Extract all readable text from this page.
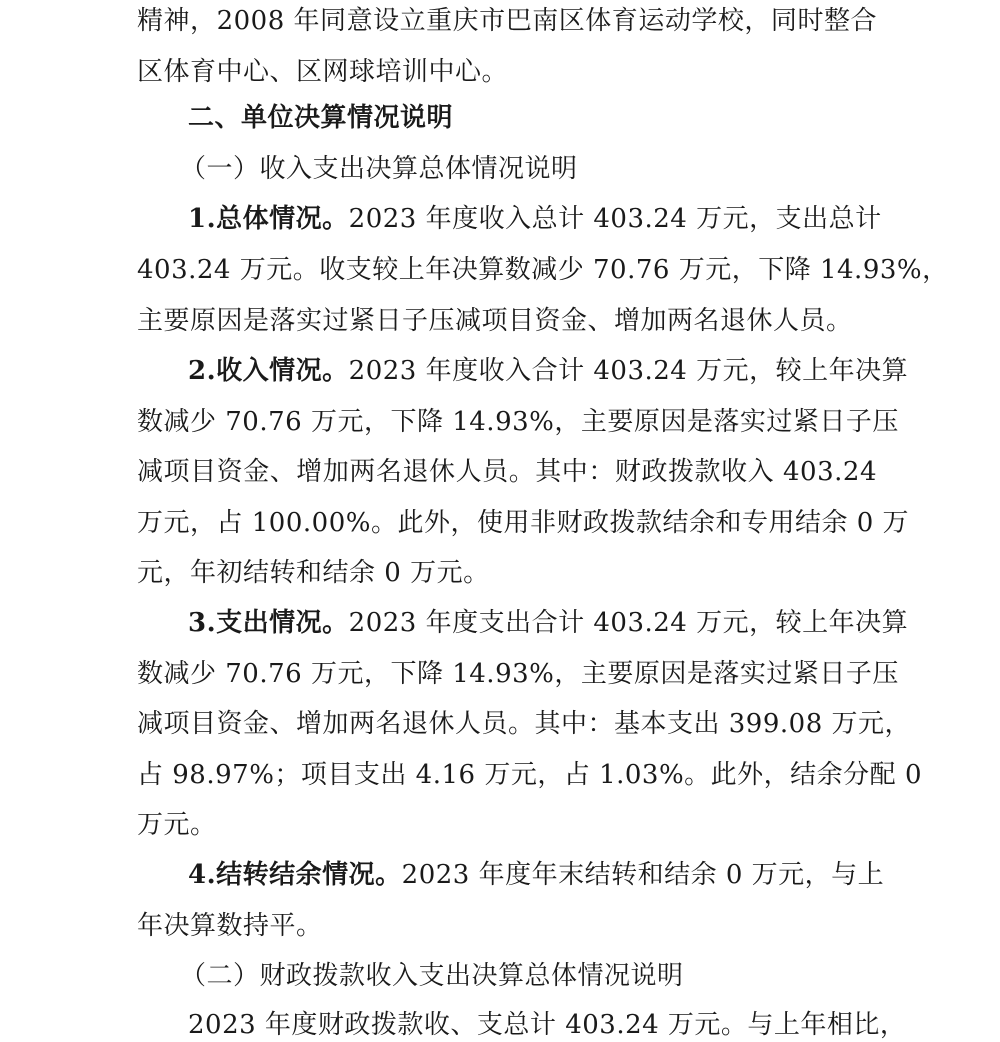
精神，2008 年同意设立重庆市巴南区体育运动学校，同时整合
区体育中心、区网球培训中心。
二、单位决算情况说明
（一）收入支出决算总体情况说明
1.总体情况。2023 年度收入总计 403.24 万元，支出总计
403.24 万元。收支较上年决算数减少 70.76 万元，下降 14.93%，
主要原因是落实过紧日子压减项目资金、增加两名退休人员。
2.收入情况。2023 年度收入合计 403.24 万元，较上年决算
数减少 70.76 万元，下降 14.93%，主要原因是落实过紧日子压
减项目资金、增加两名退休人员。其中：财政拨款收入 403.24
万元，占 100.00%。此外，使用非财政拨款结余和专用结余 0 万
元，年初结转和结余 0 万元。
3.支出情况。2023 年度支出合计 403.24 万元，较上年决算
数减少 70.76 万元，下降 14.93%，主要原因是落实过紧日子压
减项目资金、增加两名退休人员。其中：基本支出 399.08 万元，
占 98.97%；项目支出 4.16 万元，占 1.03%。此外，结余分配 0
万元。
4.结转结余情况。2023 年度年末结转和结余 0 万元，与上
年决算数持平。
（二）财政拨款收入支出决算总体情况说明
2023 年度财政拨款收、支总计 403.24 万元。与上年相比，
